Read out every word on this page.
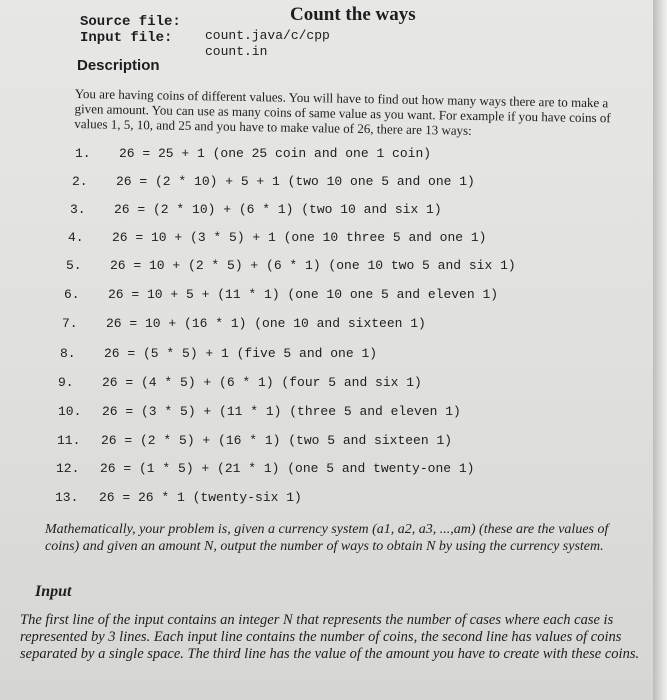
Count the ways
Source file:
count.java/c/cpp
Input file:
count.in
Description
You are having coins of different values. You will have to find out how many ways there are to make a given amount. You can use as many coins of same value as you want. For example if you have coins of values 1, 5, 10, and 25 and you have to make value of 26, there are 13 ways:
1. 26 = 25 + 1 (one 25 coin and one 1 coin)
2. 26 = (2 * 10) + 5 + 1 (two 10 one 5 and one 1)
3. 26 = (2 * 10) + (6 * 1) (two 10 and six 1)
4. 26 = 10 + (3 * 5) + 1 (one 10 three 5 and one 1)
5. 26 = 10 + (2 * 5) + (6 * 1) (one 10 two 5 and six 1)
6. 26 = 10 + 5 + (11 * 1) (one 10 one 5 and eleven 1)
7. 26 = 10 + (16 * 1) (one 10 and sixteen 1)
8. 26 = (5 * 5) + 1 (five 5 and one 1)
9. 26 = (4 * 5) + (6 * 1) (four 5 and six 1)
10. 26 = (3 * 5) + (11 * 1) (three 5 and eleven 1)
11. 26 = (2 * 5) + (16 * 1) (two 5 and sixteen 1)
12. 26 = (1 * 5) + (21 * 1) (one 5 and twenty-one 1)
13. 26 = 26 * 1 (twenty-six 1)
Mathematically, your problem is, given a currency system (a1, a2, a3, ...,am) (these are the values of coins) and given an amount N, output the number of ways to obtain N by using the currency system.
Input
The first line of the input contains an integer N that represents the number of cases where each case is represented by 3 lines. Each input line contains the number of coins, the second line has values of coins separated by a single space. The third line has the value of the amount you have to create with these coins.
